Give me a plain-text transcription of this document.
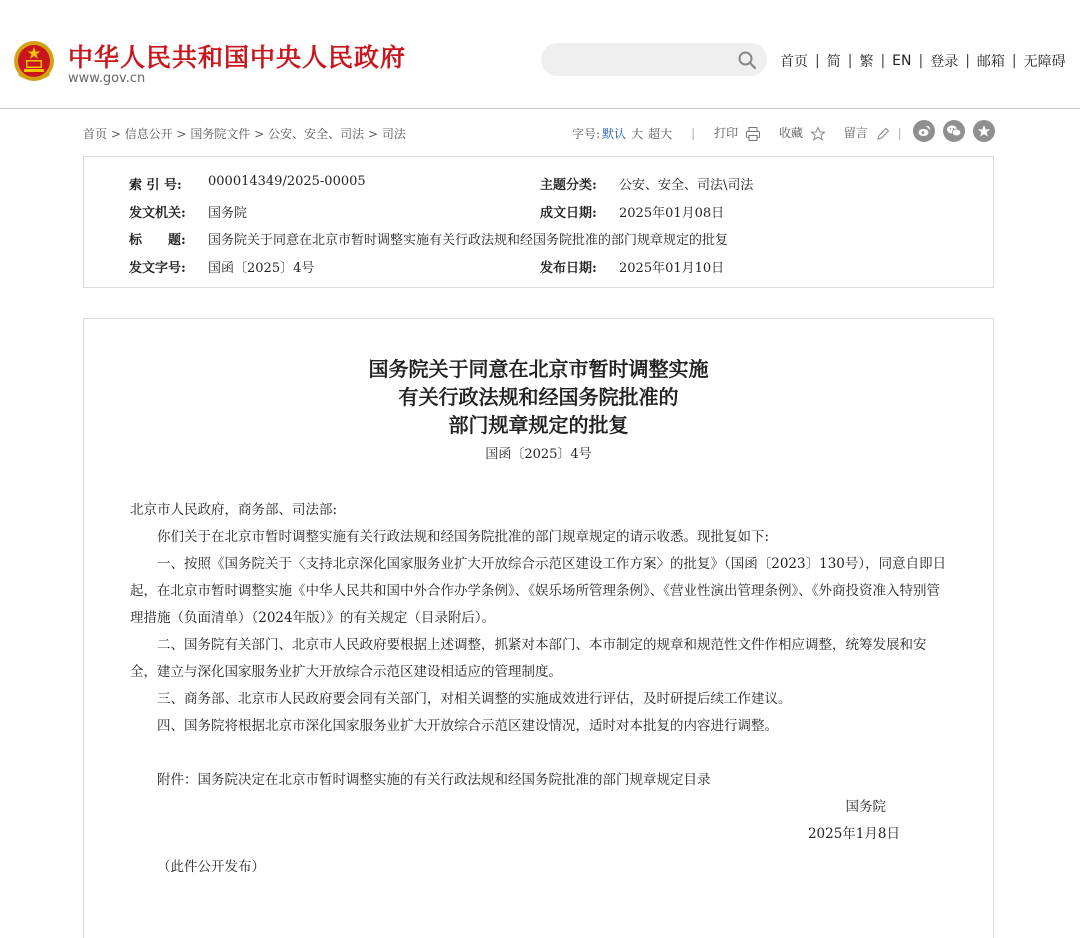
中华人民共和国中央人民政府
www.gov.cn
首页 | 简 | 繁 | EN | 登录 | 邮箱 | 无障碍
首页 > 信息公开 > 国务院文件 > 公安、安全、司法 > 司法	字号: 默认 大 超大	|	打印	收藏	留言	|
索 引 号: 000014349/2025-00005	主题分类: 公安、安全、司法\司法
发文机关: 国务院	成文日期: 2025年01月08日
标　　题: 国务院关于同意在北京市暂时调整实施有关行政法规和经国务院批准的部门规章规定的批复
发文字号: 国函〔2025〕4号	发布日期: 2025年01月10日
国务院关于同意在北京市暂时调整实施
有关行政法规和经国务院批准的
部门规章规定的批复
国函〔2025〕4号

北京市人民政府，商务部、司法部:

你们关于在北京市暂时调整实施有关行政法规和经国务院批准的部门规章规定的请示收悉。现批复如下:

一、按照《国务院关于〈支持北京深化国家服务业扩大开放综合示范区建设工作方案〉的批复》（国函〔2023〕130号），同意自即日起，在北京市暂时调整实施《中华人民共和国中外合作办学条例》、《娱乐场所管理条例》、《营业性演出管理条例》、《外商投资准入特别管理措施（负面清单）（2024年版）》的有关规定（目录附后）。

二、国务院有关部门、北京市人民政府要根据上述调整，抓紧对本部门、本市制定的规章和规范性文件作相应调整，统筹发展和安全，建立与深化国家服务业扩大开放综合示范区建设相适应的管理制度。

三、商务部、北京市人民政府要会同有关部门，对相关调整的实施成效进行评估，及时研提后续工作建议。

四、国务院将根据北京市深化国家服务业扩大开放综合示范区建设情况，适时对本批复的内容进行调整。

附件：国务院决定在北京市暂时调整实施的有关行政法规和经国务院批准的部门规章规定目录

国务院

2025年1月8日

（此件公开发布）
